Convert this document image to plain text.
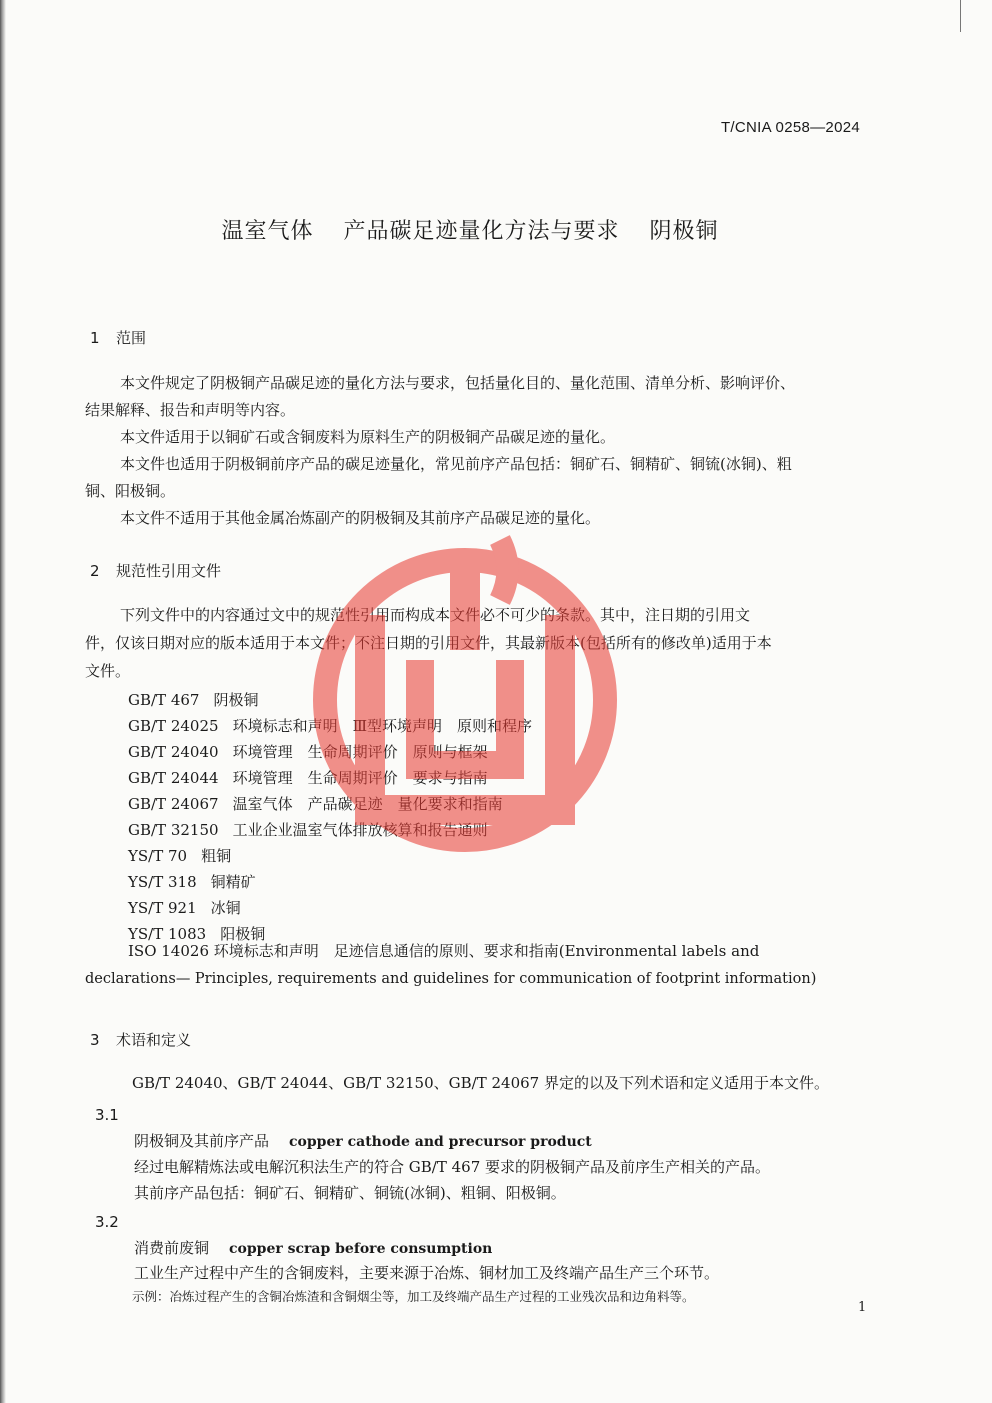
T/CNIA 0258—2024
温室气体 产品碳足迹量化方法与要求 阴极铜
1 范围
本文件规定了阴极铜产品碳足迹的量化方法与要求，包括量化目的、量化范围、清单分析、影响评价、
结果解释、报告和声明等内容。
本文件适用于以铜矿石或含铜废料为原料生产的阴极铜产品碳足迹的量化。
本文件也适用于阴极铜前序产品的碳足迹量化，常见前序产品包括：铜矿石、铜精矿、铜锍(冰铜)、粗
铜、阳极铜。
本文件不适用于其他金属冶炼副产的阴极铜及其前序产品碳足迹的量化。
2 规范性引用文件
下列文件中的内容通过文中的规范性引用而构成本文件必不可少的条款。其中，注日期的引用文
件，仅该日期对应的版本适用于本文件；不注日期的引用文件，其最新版本(包括所有的修改单)适用于本
文件。
GB/T 467 阴极铜
GB/T 24025 环境标志和声明　Ⅲ型环境声明　原则和程序
GB/T 24040 环境管理　生命周期评价　原则与框架
GB/T 24044 环境管理　生命周期评价　要求与指南
GB/T 24067 温室气体　产品碳足迹　量化要求和指南
GB/T 32150 工业企业温室气体排放核算和报告通则
YS/T 70 粗铜
YS/T 318 铜精矿
YS/T 921 冰铜
YS/T 1083 阳极铜
ISO 14026 环境标志和声明　足迹信息通信的原则、要求和指南(Environmental labels and
declarations— Principles, requirements and guidelines for communication of footprint information)
3 术语和定义
GB/T 24040、GB/T 24044、GB/T 32150、GB/T 24067 界定的以及下列术语和定义适用于本文件。
3.1
阴极铜及其前序产品 copper cathode and precursor product
经过电解精炼法或电解沉积法生产的符合 GB/T 467 要求的阴极铜产品及前序生产相关的产品。
其前序产品包括：铜矿石、铜精矿、铜锍(冰铜)、粗铜、阳极铜。
3.2
消费前废铜 copper scrap before consumption
工业生产过程中产生的含铜废料，主要来源于冶炼、铜材加工及终端产品生产三个环节。
示例：冶炼过程产生的含铜冶炼渣和含铜烟尘等，加工及终端产品生产过程的工业残次品和边角料等。
1
